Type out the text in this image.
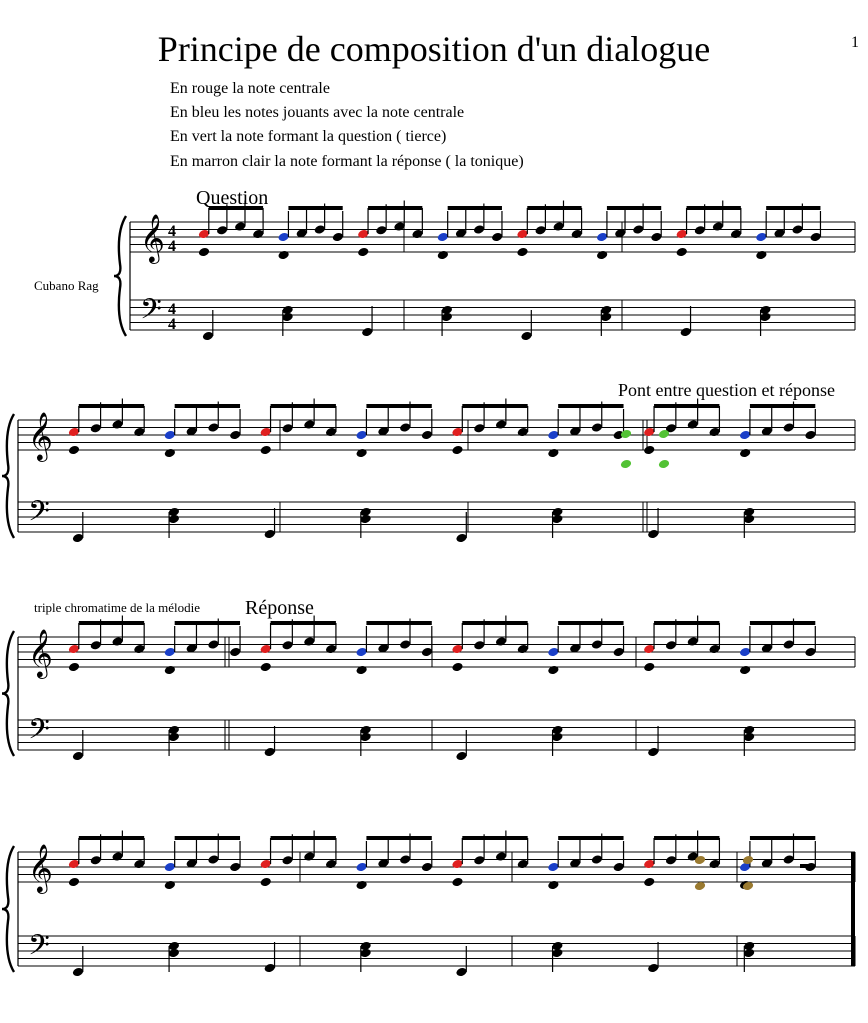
Principe de composition d'un dialogue	1
En rouge la note centrale
En bleu les notes jouants avec la note centrale
En vert la note formant la question ( tierce)
En marron clair la note formant la réponse ( la tonique)
Question
Cubano Rag
Pont entre question et réponse
triple chromatime de la mélodie Réponse
𝄞
𝄢
4
4
4
4
𝄞
𝄢
𝄞
𝄢
𝄞
𝄢
